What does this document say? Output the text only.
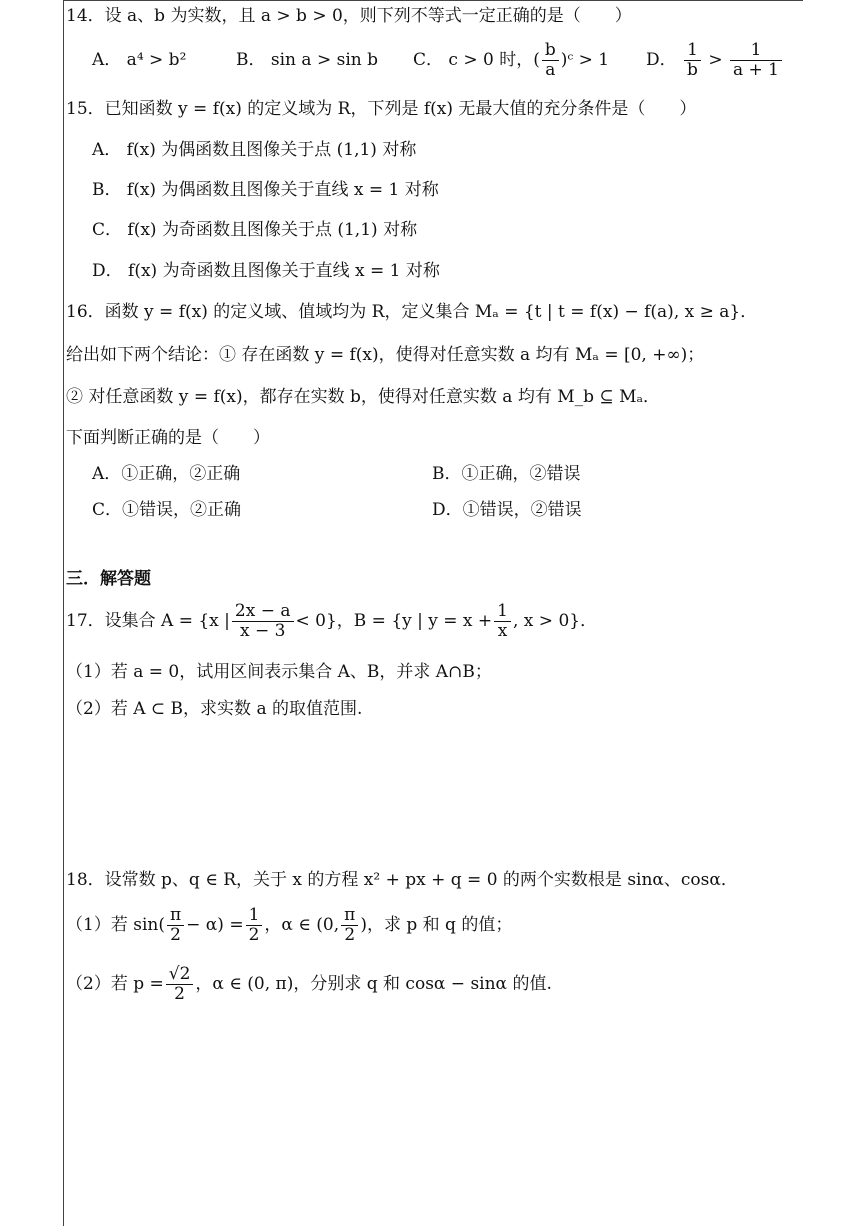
14．设 a、b 为实数，且 a > b > 0，则下列不等式一定正确的是（　　）
A． a⁴ > b²	B． sin a > sin b C． c > 0 时，( $\frac{b}{a}$ )ᶜ > 1 D． $\frac{1}{b} > \frac{1}{a + 1}$
15．已知函数 y = f(x) 的定义域为 R，下列是 f(x) 无最大值的充分条件是（　　）
A． f(x) 为偶函数且图像关于点 (1,1) 对称
B． f(x) 为偶函数且图像关于直线 x = 1 对称
C． f(x) 为奇函数且图像关于点 (1,1) 对称
D． f(x) 为奇函数且图像关于直线 x = 1 对称
16．函数 y = f(x) 的定义域、值域均为 R，定义集合 Mₐ = {t | t = f(x) − f(a), x ≥ a}．
给出如下两个结论：① 存在函数 y = f(x)，使得对任意实数 a 均有 Mₐ = [0, +∞)；
② 对任意函数 y = f(x)，都存在实数 b，使得对任意实数 a 均有 M_b ⊆ Mₐ．
下面判断正确的是（　　）
A．①正确，②正确	B．①正确，②错误
C．①错误，②正确	D．①错误，②错误
三．解答题
17．设集合 A = {x | $\frac{2x - a}{x - 3} < 0$}，B = {y | $y = x + \frac{1}{x}$ , x > 0}．
（1）若 a = 0，试用区间表示集合 A、B，并求 A∩B；
（2）若 A ⊂ B，求实数 a 的取值范围.
18．设常数 p、q ∈ R，关于 x 的方程 x² + px + q = 0 的两个实数根是 sinα、cosα．
（1）若 $\sin( \frac{\pi}{2} - \alpha) = \frac{1}{2}$ ，α ∈ (0, $\frac{\pi}{2}$ )，求 p 和 q 的值；
（2）若 $p = \frac{√2}{2}$ ，α ∈ (0, π)，分别求 q 和 cosα − sinα 的值.
